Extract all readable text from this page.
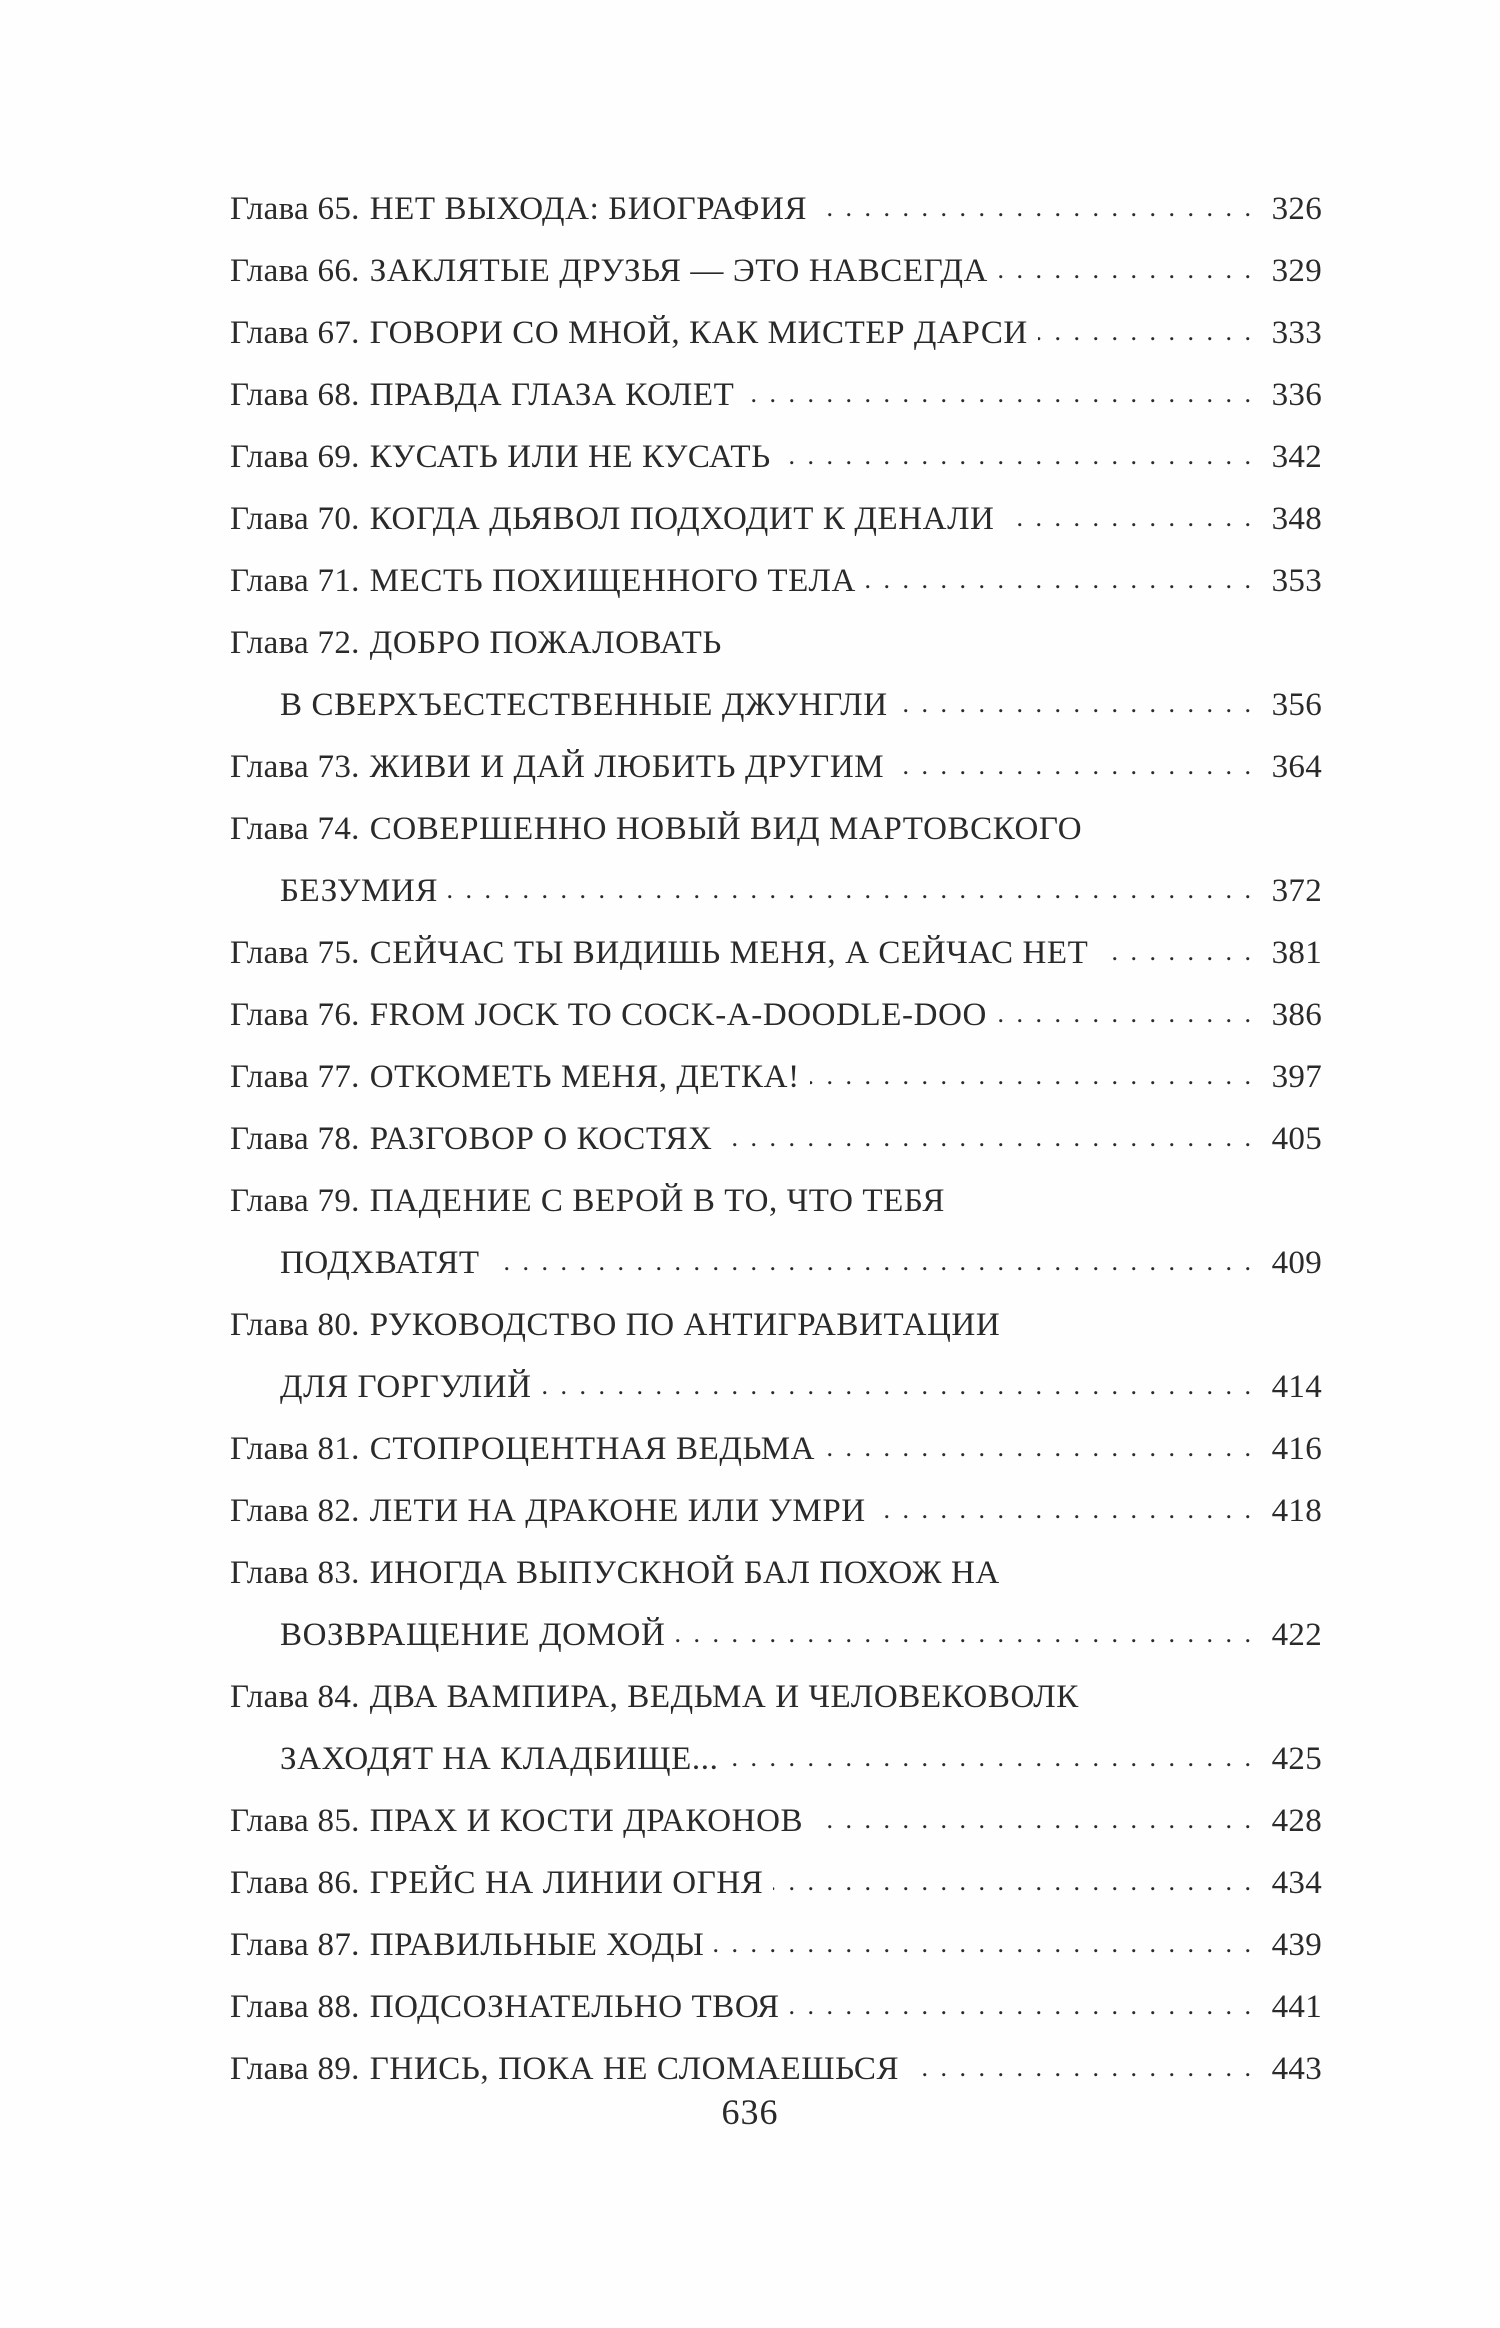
Глава 65. НЕТ ВЫХОДА: БИОГРАФИЯ . . .	326
Глава 66. ЗАКЛЯТЫЕ ДРУЗЬЯ — ЭТО НАВСЕГДА . . .	329
Глава 67. ГОВОРИ СО МНОЙ, КАК МИСТЕР ДАРСИ . . .	333
Глава 68. ПРАВДА ГЛАЗА КОЛЕТ . . .	336
Глава 69. КУСАТЬ ИЛИ НЕ КУСАТЬ . . .	342
Глава 70. КОГДА ДЬЯВОЛ ПОДХОДИТ К ДЕНАЛИ . . .	348
Глава 71. МЕСТЬ ПОХИЩЕННОГО ТЕЛА . . .	353
Глава 72. ДОБРО ПОЖАЛОВАТЬ
В СВЕРХЪЕСТЕСТВЕННЫЕ ДЖУНГЛИ . . .	356
Глава 73. ЖИВИ И ДАЙ ЛЮБИТЬ ДРУГИМ . . .	364
Глава 74. СОВЕРШЕННО НОВЫЙ ВИД МАРТОВСКОГО
БЕЗУМИЯ . . .	372
Глава 75. СЕЙЧАС ТЫ ВИДИШЬ МЕНЯ, А СЕЙЧАС НЕТ . . .	381
Глава 76. FROM JOCK TO COCK-A-DOODLE-DOO . . .	386
Глава 77. ОТКОМЕТЬ МЕНЯ, ДЕТКА! . . .	397
Глава 78. РАЗГОВОР О КОСТЯХ . . .	405
Глава 79. ПАДЕНИЕ С ВЕРОЙ В ТО, ЧТО ТЕБЯ
ПОДХВАТЯТ . . .	409
Глава 80. РУКОВОДСТВО ПО АНТИГРАВИТАЦИИ
ДЛЯ ГОРГУЛИЙ . . .	414
Глава 81. СТОПРОЦЕНТНАЯ ВЕДЬМА . . .	416
Глава 82. ЛЕТИ НА ДРАКОНЕ ИЛИ УМРИ . . .	418
Глава 83. ИНОГДА ВЫПУСКНОЙ БАЛ ПОХОЖ НА
ВОЗВРАЩЕНИЕ ДОМОЙ . . .	422
Глава 84. ДВА ВАМПИРА, ВЕДЬМА И ЧЕЛОВЕКОВОЛК
ЗАХОДЯТ НА КЛАДБИЩЕ... . . .	425
Глава 85. ПРАХ И КОСТИ ДРАКОНОВ . . .	428
Глава 86. ГРЕЙС НА ЛИНИИ ОГНЯ . . .	434
Глава 87. ПРАВИЛЬНЫЕ ХОДЫ . . .	439
Глава 88. ПОДСОЗНАТЕЛЬНО ТВОЯ . . .	441
Глава 89. ГНИСЬ, ПОКА НЕ СЛОМАЕШЬСЯ . . .	443
636
